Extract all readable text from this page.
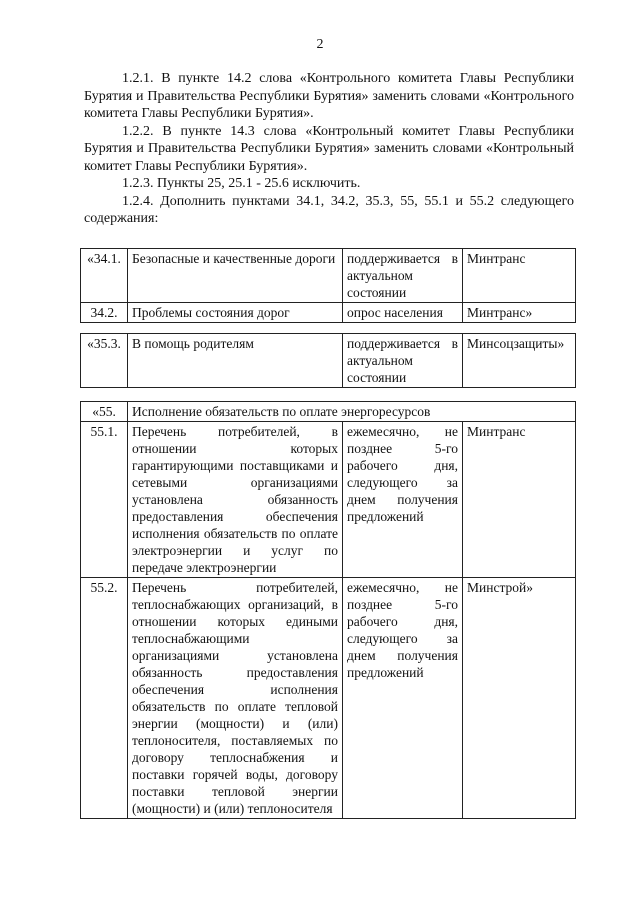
2

1.2.1. В пункте 14.2 слова «Контрольного комитета Главы Республики Бурятия и Правительства Республики Бурятия» заменить словами «Контрольного комитета Главы Республики Бурятия».

1.2.2. В пункте 14.3 слова «Контрольный комитет Главы Республики Бурятия и Правительства Республики Бурятия» заменить словами «Контрольный комитет Главы Республики Бурятия».

1.2.3. Пункты 25, 25.1 - 25.6 исключить.

1.2.4. Дополнить пунктами 34.1, 34.2, 35.3, 55, 55.1 и 55.2 следующего содержания:

«34.1.	Безопасные и качественные дороги	поддерживается в актуальном состоянии	Минтранс
34.2.	Проблемы состояния дорог	опрос населения	Минтранс»
«35.3.	В помощь родителям	поддерживается в актуальном состоянии	Минсоцзащиты»
«55.	Исполнение обязательств по оплате энергоресурсов		
55.1.	Перечень потребителей, в отношении которых гарантирующими поставщиками и сетевыми организациями установлена обязанность предоставления обеспечения исполнения обязательств по оплате электроэнергии и услуг по передаче электроэнергии	ежемесячно, не позднее 5-го рабочего дня, следующего за днем получения предложений	Минтранс
55.2.	Перечень потребителей, теплоснабжающих организаций, в отношении которых едиными теплоснабжающими организациями установлена обязанность предоставления обеспечения исполнения обязательств по оплате тепловой энергии (мощности) и (или) теплоносителя, поставляемых по договору теплоснабжения и поставки горячей воды, договору поставки тепловой энергии (мощности) и (или) теплоносителя	ежемесячно, не позднее 5-го рабочего дня, следующего за днем получения предложений	Минстрой»
